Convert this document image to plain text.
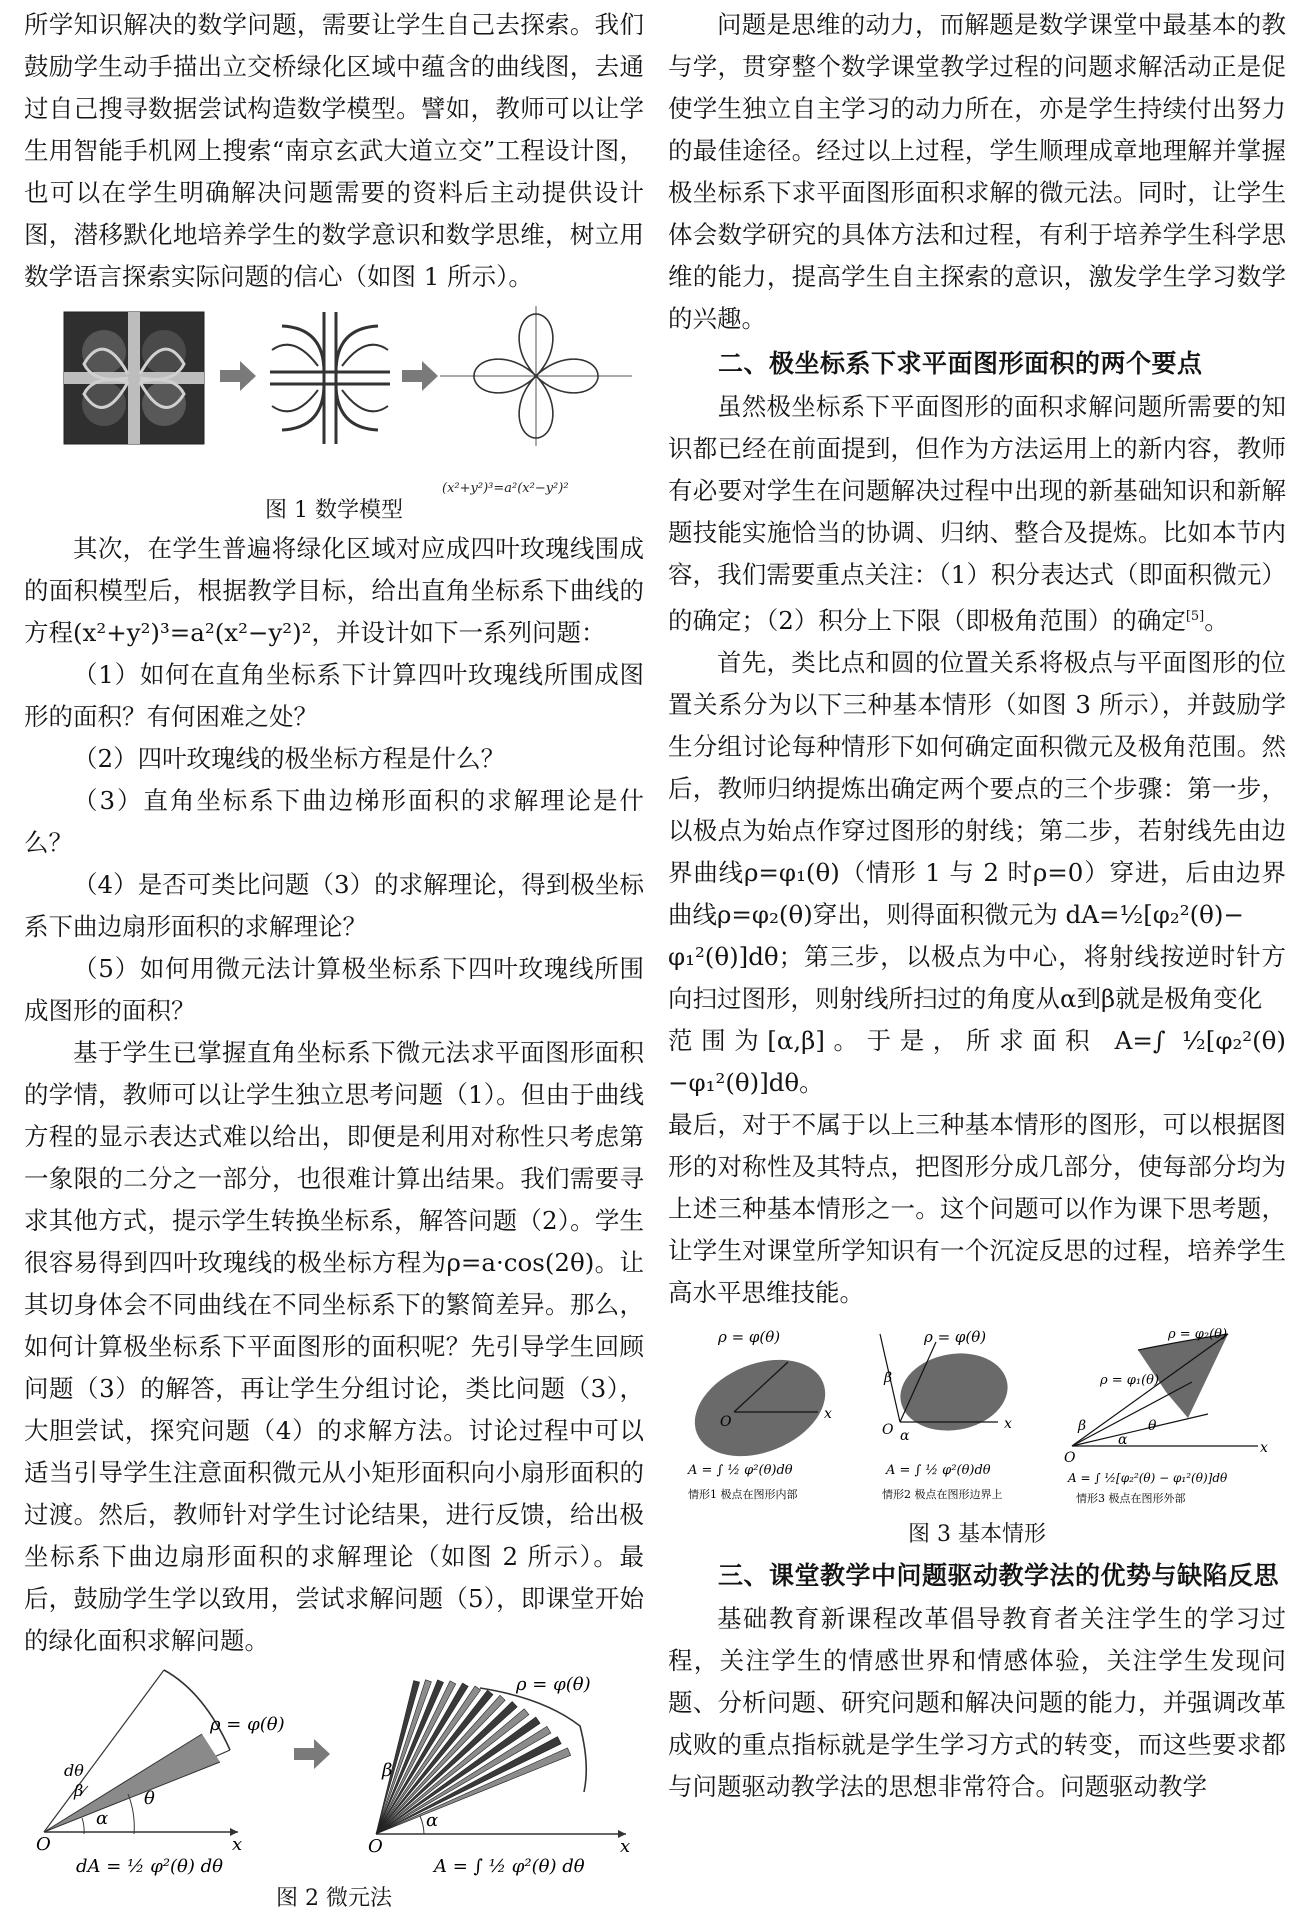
所学知识解决的数学问题，需要让学生自己去探索。我们鼓励学生动手描出立交桥绿化区域中蕴含的曲线图，去通过自己搜寻数据尝试构造数学模型。譬如，教师可以让学生用智能手机网上搜索“南京玄武大道立交”工程设计图，也可以在学生明确解决问题需要的资料后主动提供设计图，潜移默化地培养学生的数学意识和数学思维，树立用数学语言探索实际问题的信心（如图 1 所示）。

(x²+y²)³=a²(x²−y²)²

图 1 数学模型

其次，在学生普遍将绿化区域对应成四叶玫瑰线围成的面积模型后，根据教学目标，给出直角坐标系下曲线的方程(x²+y²)³=a²(x²−y²)²，并设计如下一系列问题：

（1）如何在直角坐标系下计算四叶玫瑰线所围成图形的面积？有何困难之处？

（2）四叶玫瑰线的极坐标方程是什么？

（3）直角坐标系下曲边梯形面积的求解理论是什么？

（4）是否可类比问题（3）的求解理论，得到极坐标系下曲边扇形面积的求解理论？

（5）如何用微元法计算极坐标系下四叶玫瑰线所围成图形的面积？

基于学生已掌握直角坐标系下微元法求平面图形面积的学情，教师可以让学生独立思考问题（1）。但由于曲线方程的显示表达式难以给出，即便是利用对称性只考虑第一象限的二分之一部分，也很难计算出结果。我们需要寻求其他方式，提示学生转换坐标系，解答问题（2）。学生很容易得到四叶玫瑰线的极坐标方程为ρ=a·cos(2θ)。让其切身体会不同曲线在不同坐标系下的繁简差异。那么，如何计算极坐标系下平面图形的面积呢？先引导学生回顾问题（3）的解答，再让学生分组讨论，类比问题（3），大胆尝试，探究问题（4）的求解方法。讨论过程中可以适当引导学生注意面积微元从小矩形面积向小扇形面积的过渡。然后，教师针对学生讨论结果，进行反馈，给出极坐标系下曲边扇形面积的求解理论（如图 2 所示）。最后，鼓励学生学以致用，尝试求解问题（5），即课堂开始的绿化面积求解问题。

O	x
α
θ
dθ
β
ρ = φ(θ)
dA = ½ φ²(θ) dθ
O	x
α
β
ρ = φ(θ)
A = ∫ ½ φ²(θ) dθ

图 2 微元法

问题是思维的动力，而解题是数学课堂中最基本的教与学，贯穿整个数学课堂教学过程的问题求解活动正是促使学生独立自主学习的动力所在，亦是学生持续付出努力的最佳途径。经过以上过程，学生顺理成章地理解并掌握极坐标系下求平面图形面积求解的微元法。同时，让学生体会数学研究的具体方法和过程，有利于培养学生科学思维的能力，提高学生自主探索的意识，激发学生学习数学的兴趣。

二、极坐标系下求平面图形面积的两个要点

虽然极坐标系下平面图形的面积求解问题所需要的知识都已经在前面提到，但作为方法运用上的新内容，教师有必要对学生在问题解决过程中出现的新基础知识和新解题技能实施恰当的协调、归纳、整合及提炼。比如本节内容，我们需要重点关注：（1）积分表达式（即面积微元）的确定；（2）积分上下限（即极角范围）的确定[5]。

首先，类比点和圆的位置关系将极点与平面图形的位置关系分为以下三种基本情形（如图 3 所示），并鼓励学生分组讨论每种情形下如何确定面积微元及极角范围。然后，教师归纳提炼出确定两个要点的三个步骤：第一步，以极点为始点作穿过图形的射线；第二步，若射线先由边界曲线ρ=φ₁(θ)（情形 1 与 2 时ρ=0）穿进，后由边界曲线ρ=φ₂(θ)穿出，则得面积微元为 dA=½[φ₂²(θ)−

φ₁²(θ)]dθ；第三步，以极点为中心，将射线按逆时针方向扫过图形，则射线所扫过的角度从α到β就是极角变化

范围为[α,β]。于是，所求面积 A=∫ ½[φ₂²(θ)−φ₁²(θ)]dθ。

最后，对于不属于以上三种基本情形的图形，可以根据图形的对称性及其特点，把图形分成几部分，使每部分均为上述三种基本情形之一。这个问题可以作为课下思考题，让学生对课堂所学知识有一个沉淀反思的过程，培养学生高水平思维技能。

ρ = φ(θ)
O	x
A = ∫ ½ φ²(θ)dθ
情形1 极点在图形内部
ρ = φ(θ)
β
α
O	x
A = ∫ ½ φ²(θ)dθ
情形2 极点在图形边界上
ρ = φ₂(θ)
ρ = φ₁(θ)
β
α
θ
O
x
A = ∫ ½[φ₂²(θ) − φ₁²(θ)]dθ
情形3 极点在图形外部

图 3 基本情形

三、课堂教学中问题驱动教学法的优势与缺陷反思

基础教育新课程改革倡导教育者关注学生的学习过程，关注学生的情感世界和情感体验，关注学生发现问题、分析问题、研究问题和解决问题的能力，并强调改革成败的重点指标就是学生学习方式的转变，而这些要求都与问题驱动教学法的思想非常符合。问题驱动教学
